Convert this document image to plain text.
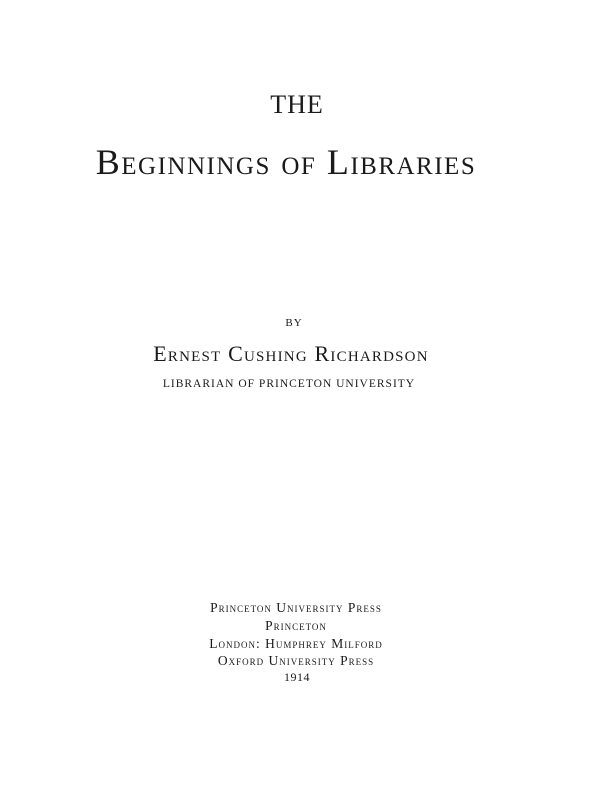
THE
Beginnings of Libraries
BY
Ernest Cushing Richardson
LIBRARIAN OF PRINCETON UNIVERSITY
Princeton University Press
Princeton
London: Humphrey Milford
Oxford University Press
1914
